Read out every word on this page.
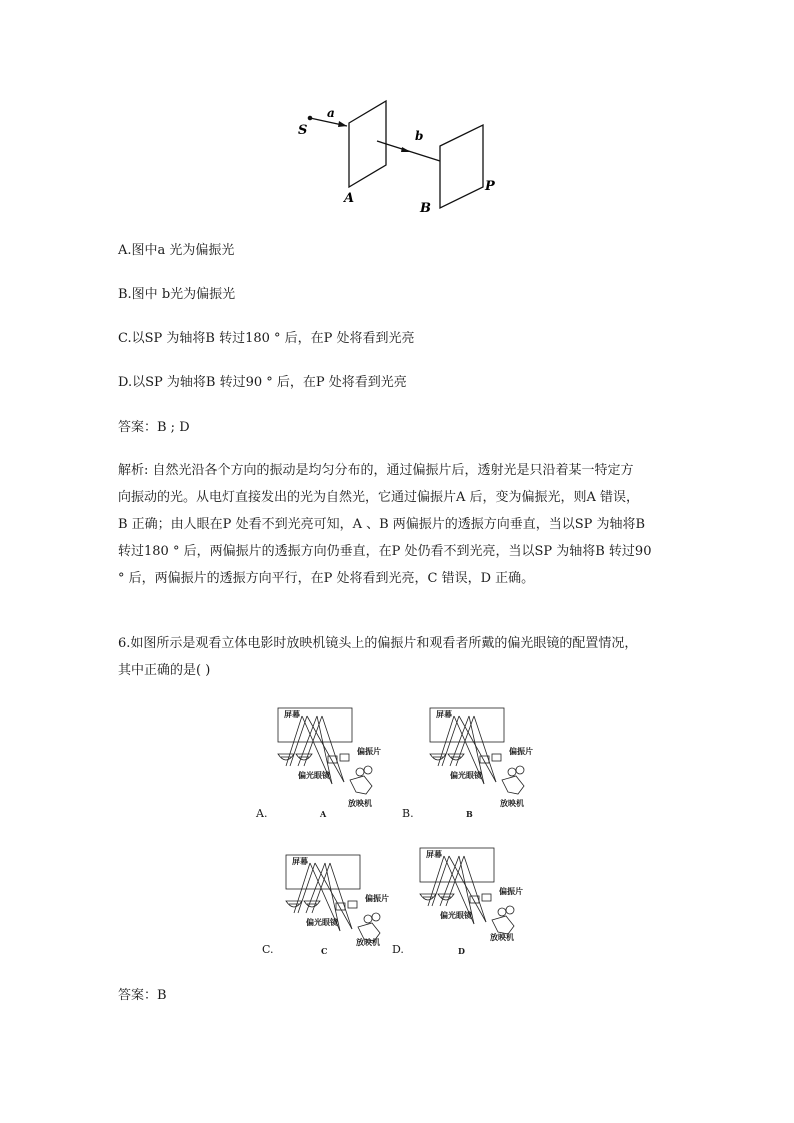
S
a
b
A
B
P
A.图中a 光为偏振光
B.图中 b光为偏振光
C.以SP 为轴将B 转过180 ° 后，在P 处将看到光亮
D.以SP 为轴将B 转过90 ° 后，在P 处将看到光亮
答案：B ; D
解析: 自然光沿各个方向的振动是均匀分布的，通过偏振片后，透射光是只沿着某一特定方
向振动的光。从电灯直接发出的光为自然光，它通过偏振片A 后，变为偏振光，则A 错误，
B 正确；由人眼在P 处看不到光亮可知，A 、B 两偏振片的透振方向垂直，当以SP 为轴将B
转过180 ° 后，两偏振片的透振方向仍垂直，在P 处仍看不到光亮，当以SP 为轴将B 转过90
° 后，两偏振片的透振方向平行，在P 处将看到光亮，C 错误，D 正确。
6.如图所示是观看立体电影时放映机镜头上的偏振片和观看者所戴的偏光眼镜的配置情况，
其中正确的是( )
屏幕
偏振片
偏光眼镜
放映机
A.	A
屏幕
偏振片
偏光眼镜
放映机
B.	B
屏幕
偏振片
偏光眼镜
放映机
C.	C
屏幕
偏振片
偏光眼镜
放映机
D.	D
答案：B
